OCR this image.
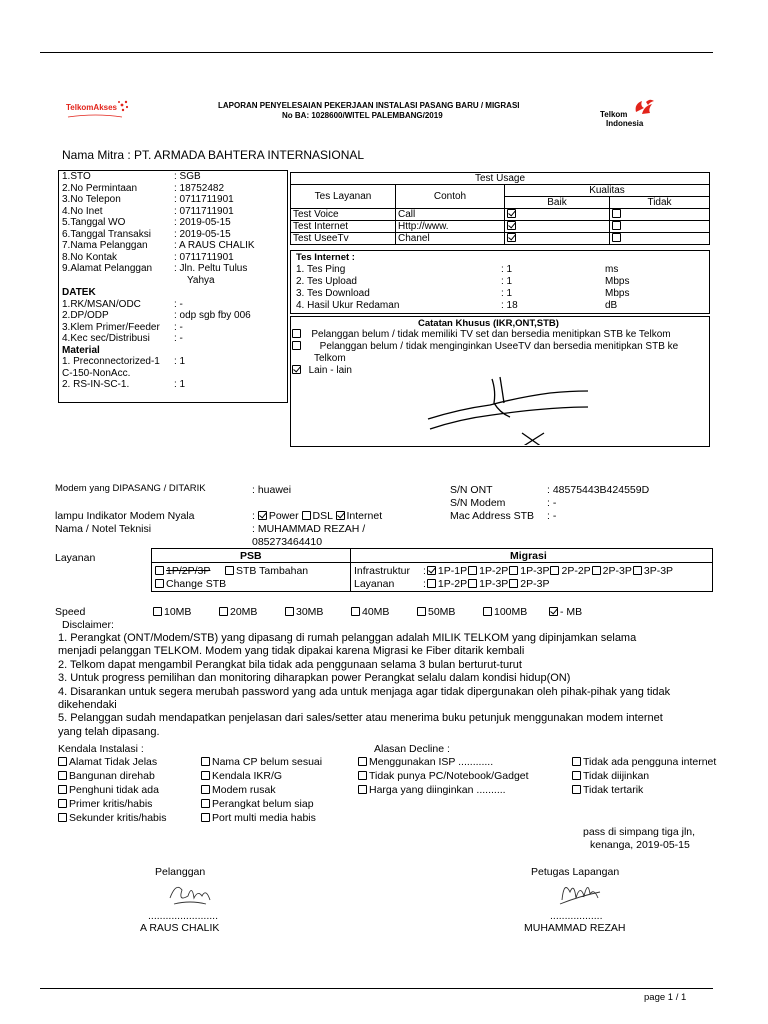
TelkomAkses	LAPORAN PENYELESAIAN PEKERJAAN INSTALASI PASANG BARU / MIGRASI
No BA: 1028600/WITEL PALEMBANG/2019	Telkom
Indonesia
Nama Mitra : PT. ARMADA BAHTERA INTERNASIONAL
1.STO	: SGB
2.No Permintaan	: 18752482
3.No Telepon	: 0711711901
4.No Inet	: 0711711901
5.Tanggal WO	: 2019-05-15
6.Tanggal Transaksi : 2019-05-15
7.Nama Pelanggan	: A RAUS CHALIK
8.No Kontak	: 0711711901
9.Alamat Pelanggan : Jln. Peltu Tulus
Yahya
DATEK
1.RK/MSAN/ODC	: -
2.DP/ODP	: odp sgb fby 006
3.Klem Primer/Feeder : -
4.Kec sec/Distribusi : -
Material
1. Preconnectorized-1 : 1
C-150-NonAcc.
2. RS-IN-SC-1.	: 1
Test Usage			
Tes Layanan	Contoh	Kualitas	
		Baik	Tidak
Test Voice	Call		
Test Internet	Http://www.		
Test UseeTv	Chanel		
Tes Internet :
1. Tes Ping	: 1	ms
2. Tes Upload	: 1	Mbps
3. Tes Download	: 1	Mbps
4. Hasil Ukur Redaman	: 18	dB
Catatan Khusus (IKR,ONT,STB)
Pelanggan belum / tidak memiliki TV set dan bersedia menitipkan STB ke Telkom
Pelanggan belum / tidak menginginkan UseeTV dan bersedia menitipkan STB ke
Telkom
Lain - lain
Modem yang DIPASANG / DITARIK	: huawei	S/N ONT	: 48575443B424559D
S/N Modem	: -
lampu Indikator Modem Nyala	: Power DSL Internet	Mac Address STB : -
Nama / Notel Teknisi	: MUHAMMAD REZAH /
085273464410
Layanan	PSB	Migrasi
1P/2P/3P STB Tambahan
Change STB
Infrastruktur : 1P-1P 1P-2P 1P-3P 2P-2P 2P-3P 3P-3P
Layanan	: 1P-2P 1P-3P 2P-3P
Speed	10MB	20MB	30MB	40MB	50MB	100MB	- MB
Disclaimer:
1. Perangkat (ONT/Modem/STB) yang dipasang di rumah pelanggan adalah MILIK TELKOM yang dipinjamkan selama
menjadi pelanggan TELKOM. Modem yang tidak dipakai karena Migrasi ke Fiber ditarik kembali
2. Telkom dapat mengambil Perangkat bila tidak ada penggunaan selama 3 bulan berturut-turut
3. Untuk progress pemilihan dan monitoring diharapkan power Perangkat selalu dalam kondisi hidup(ON)
4. Disarankan untuk segera merubah password yang ada untuk menjaga agar tidak dipergunakan oleh pihak-pihak yang tidak
dikehendaki
5. Pelanggan sudah mendapatkan penjelasan dari sales/setter atau menerima buku petunjuk menggunakan modem internet
yang telah dipasang.
Kendala Instalasi :	Alasan Decline :
Alamat Tidak Jelas
Bangunan direhab
Penghuni tidak ada
Primer kritis/habis
Sekunder kritis/habis
Nama CP belum sesuai
Kendala IKR/G
Modem rusak
Perangkat belum siap
Port multi media habis
Menggunakan ISP ............
Tidak punya PC/Notebook/Gadget
Harga yang diinginkan ..........
Tidak ada pengguna internet
Tidak diijinkan
Tidak tertarik
pass di simpang tiga jln,
kenanga, 2019-05-15
Pelanggan
........................
A RAUS CHALIK
Petugas Lapangan
..................
MUHAMMAD REZAH
page 1 / 1
